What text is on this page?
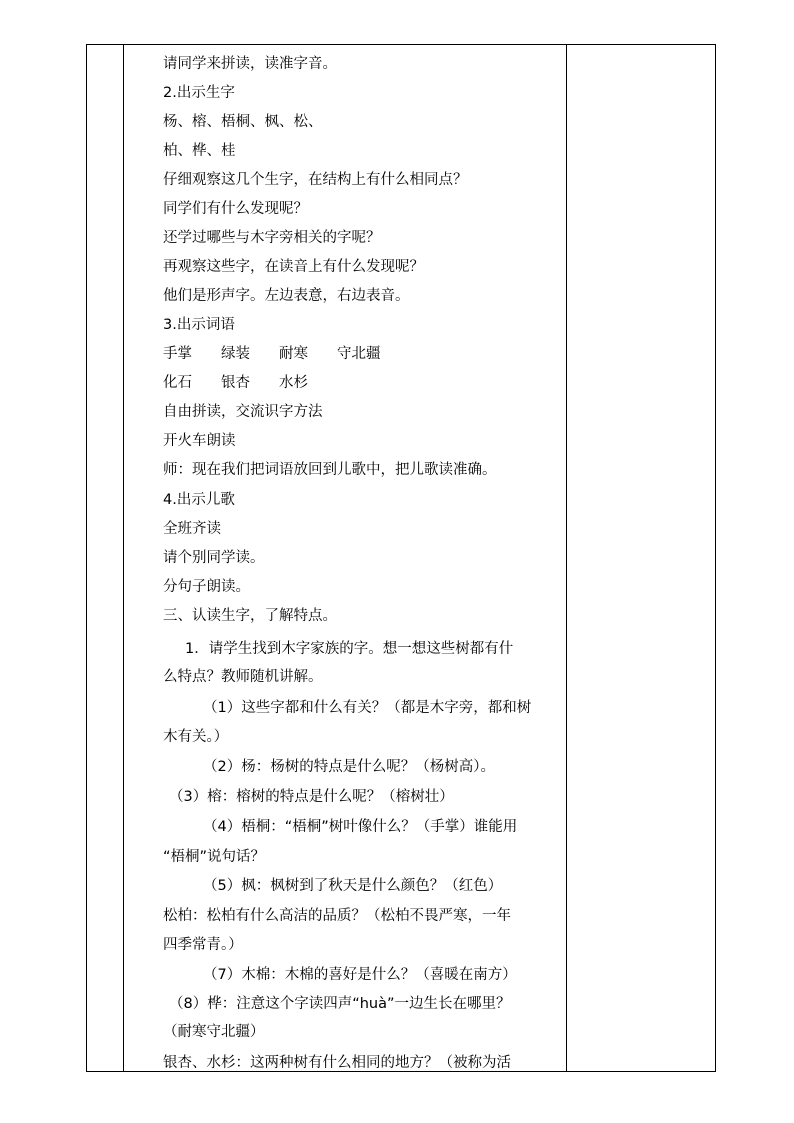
请同学来拼读，读准字音。
2.出示生字
杨、榕、梧桐、枫、松、
柏、桦、桂
仔细观察这几个生字，在结构上有什么相同点？
同学们有什么发现呢？
还学过哪些与木字旁相关的字呢？
再观察这些字，在读音上有什么发现呢？
他们是形声字。左边表意，右边表音。
3.出示词语
手掌　　绿装　　耐寒　　守北疆
化石　　银杏　　水杉
自由拼读，交流识字方法
开火车朗读
师：现在我们把词语放回到儿歌中，把儿歌读准确。
4.出示儿歌
全班齐读
请个别同学读。
分句子朗读。
三、认读生字，了解特点。
1．请学生找到木字家族的字。想一想这些树都有什
么特点？教师随机讲解。
（1）这些字都和什么有关？（都是木字旁，都和树
木有关。）
（2）杨：杨树的特点是什么呢？（杨树高）。
（3）榕：榕树的特点是什么呢？（榕树壮）
（4）梧桐：“梧桐”树叶像什么？（手掌）谁能用
“梧桐”说句话？
（5）枫：枫树到了秋天是什么颜色？（红色）
松柏：松柏有什么高洁的品质？（松柏不畏严寒，一年
四季常青。）
（7）木棉：木棉的喜好是什么？（喜暖在南方）
（8）桦：注意这个字读四声“huà”一边生长在哪里？
（耐寒守北疆）
银杏、水杉：这两种树有什么相同的地方？（被称为活
